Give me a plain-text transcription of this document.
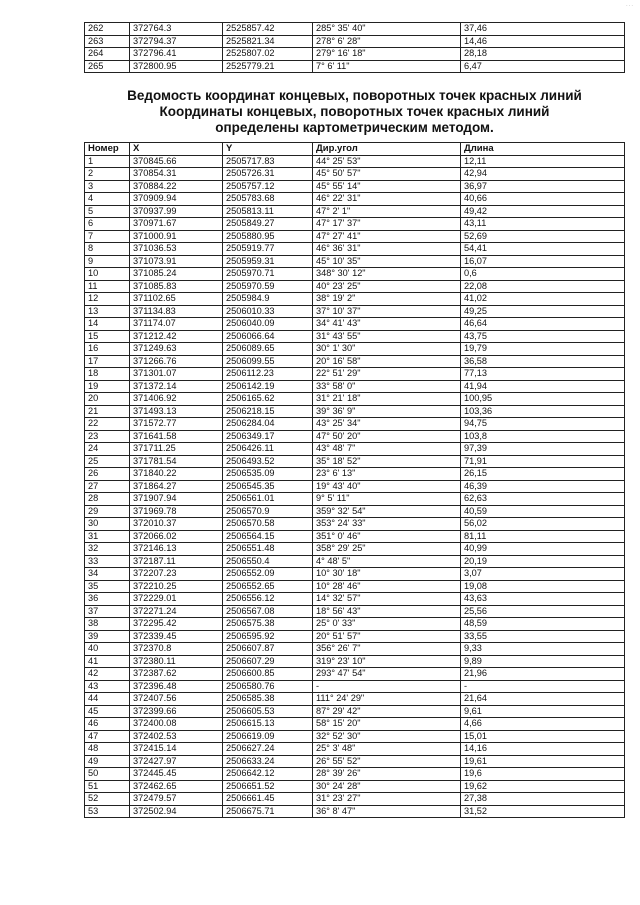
...
262	372764.3	2525857.42	285° 35' 40"	37,46
263	372794.37	2525821.34	278° 6' 28"	14,46
264	372796.41	2525807.02	279° 16' 18"	28,18
265	372800.95	2525779.21	7° 6' 11"	6,47
Ведомость координат концевых, поворотных точек красных линий
Координаты концевых, поворотных точек красных линий
определены картометрическим методом.
Номер	X	Y	Дир.угол	Длина
1	370845.66	2505717.83	44° 25' 53"	12,11
2	370854.31	2505726.31	45° 50' 57"	42,94
3	370884.22	2505757.12	45° 55' 14"	36,97
4	370909.94	2505783.68	46° 22' 31"	40,66
5	370937.99	2505813.11	47° 2' 1"	49,42
6	370971.67	2505849.27	47° 17' 37"	43,11
7	371000.91	2505880.95	47° 27' 41"	52,69
8	371036.53	2505919.77	46° 36' 31"	54,41
9	371073.91	2505959.31	45° 10' 35"	16,07
10	371085.24	2505970.71	348° 30' 12"	0,6
11	371085.83	2505970.59	40° 23' 25"	22,08
12	371102.65	2505984.9	38° 19' 2"	41,02
13	371134.83	2506010.33	37° 10' 37"	49,25
14	371174.07	2506040.09	34° 41' 43"	46,64
15	371212.42	2506066.64	31° 43' 55"	43,75
16	371249.63	2506089.65	30° 1' 30"	19,79
17	371266.76	2506099.55	20° 16' 58"	36,58
18	371301.07	2506112.23	22° 51' 29"	77,13
19	371372.14	2506142.19	33° 58' 0"	41,94
20	371406.92	2506165.62	31° 21' 18"	100,95
21	371493.13	2506218.15	39° 36' 9"	103,36
22	371572.77	2506284.04	43° 25' 34"	94,75
23	371641.58	2506349.17	47° 50' 20"	103,8
24	371711.25	2506426.11	43° 48' 7"	97,39
25	371781.54	2506493.52	35° 18' 52"	71,91
26	371840.22	2506535.09	23° 6' 13"	26,15
27	371864.27	2506545.35	19° 43' 40"	46,39
28	371907.94	2506561.01	9° 5' 11"	62,63
29	371969.78	2506570.9	359° 32' 54"	40,59
30	372010.37	2506570.58	353° 24' 33"	56,02
31	372066.02	2506564.15	351° 0' 46"	81,11
32	372146.13	2506551.48	358° 29' 25"	40,99
33	372187.11	2506550.4	4° 48' 5"	20,19
34	372207.23	2506552.09	10° 30' 18"	3,07
35	372210.25	2506552.65	10° 28' 46"	19,08
36	372229.01	2506556.12	14° 32' 57"	43,63
37	372271.24	2506567.08	18° 56' 43"	25,56
38	372295.42	2506575.38	25° 0' 33"	48,59
39	372339.45	2506595.92	20° 51' 57"	33,55
40	372370.8	2506607.87	356° 26' 7"	9,33
41	372380.11	2506607.29	319° 23' 10"	9,89
42	372387.62	2506600.85	293° 47' 54"	21,96
43	372396.48	2506580.76	-	-
44	372407.56	2506585.38	111° 24' 29"	21,64
45	372399.66	2506605.53	87° 29' 42"	9,61
46	372400.08	2506615.13	58° 15' 20"	4,66
47	372402.53	2506619.09	32° 52' 30"	15,01
48	372415.14	2506627.24	25° 3' 48"	14,16
49	372427.97	2506633.24	26° 55' 52"	19,61
50	372445.45	2506642.12	28° 39' 26"	19,6
51	372462.65	2506651.52	30° 24' 28"	19,62
52	372479.57	2506661.45	31° 23' 27"	27,38
53	372502.94	2506675.71	36° 8' 47"	31,52
